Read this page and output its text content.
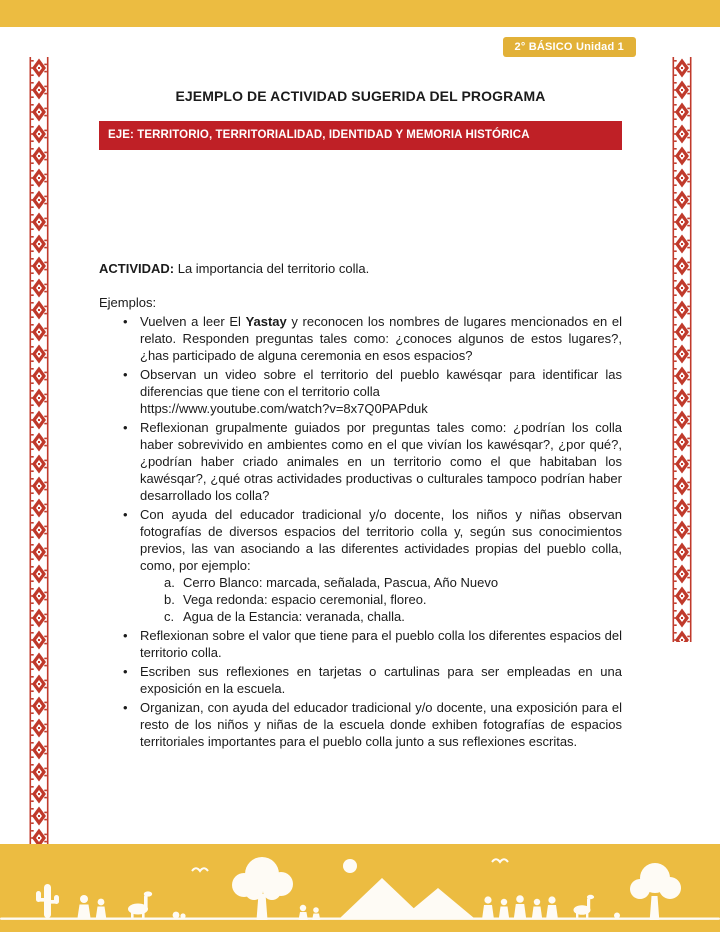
2° BÁSICO Unidad 1
EJEMPLO DE ACTIVIDAD SUGERIDA DEL PROGRAMA
EJE: TERRITORIO, TERRITORIALIDAD, IDENTIDAD Y MEMORIA HISTÓRICA

ACTIVIDAD: La importancia del territorio colla.

Ejemplos:

• Vuelven a leer El Yastay y reconocen los nombres de lugares mencionados en el relato. Responden preguntas tales como: ¿conoces algunos de estos lugares?, ¿has participado de alguna ceremonia en esos espacios?
• Observan un video sobre el territorio del pueblo kawésqar para identificar las diferencias que tiene con el territorio colla
https://www.youtube.com/watch?v=8x7Q0PAPduk
• Reflexionan grupalmente guiados por preguntas tales como: ¿podrían los colla haber sobrevivido en ambientes como en el que vivían los kawésqar?, ¿por qué?, ¿podrían haber criado animales en un territorio como el que habitaban los kawésqar?, ¿qué otras actividades productivas o culturales tampoco podrían haber desarrollado los colla?
• Con ayuda del educador tradicional y/o docente, los niños y niñas observan fotografías de diversos espacios del territorio colla y, según sus conocimientos previos, las van asociando a las diferentes actividades propias del pueblo colla, como, por ejemplo:
a. Cerro Blanco: marcada, señalada, Pascua, Año Nuevo
b. Vega redonda: espacio ceremonial, floreo.
c. Agua de la Estancia: veranada, challa.
• Reflexionan sobre el valor que tiene para el pueblo colla los diferentes espacios del territorio colla.
• Escriben sus reflexiones en tarjetas o cartulinas para ser empleadas en una exposición en la escuela.
• Organizan, con ayuda del educador tradicional y/o docente, una exposición para el resto de los niños y niñas de la escuela donde exhiben fotografías de espacios territoriales importantes para el pueblo colla junto a sus reflexiones escritas.
